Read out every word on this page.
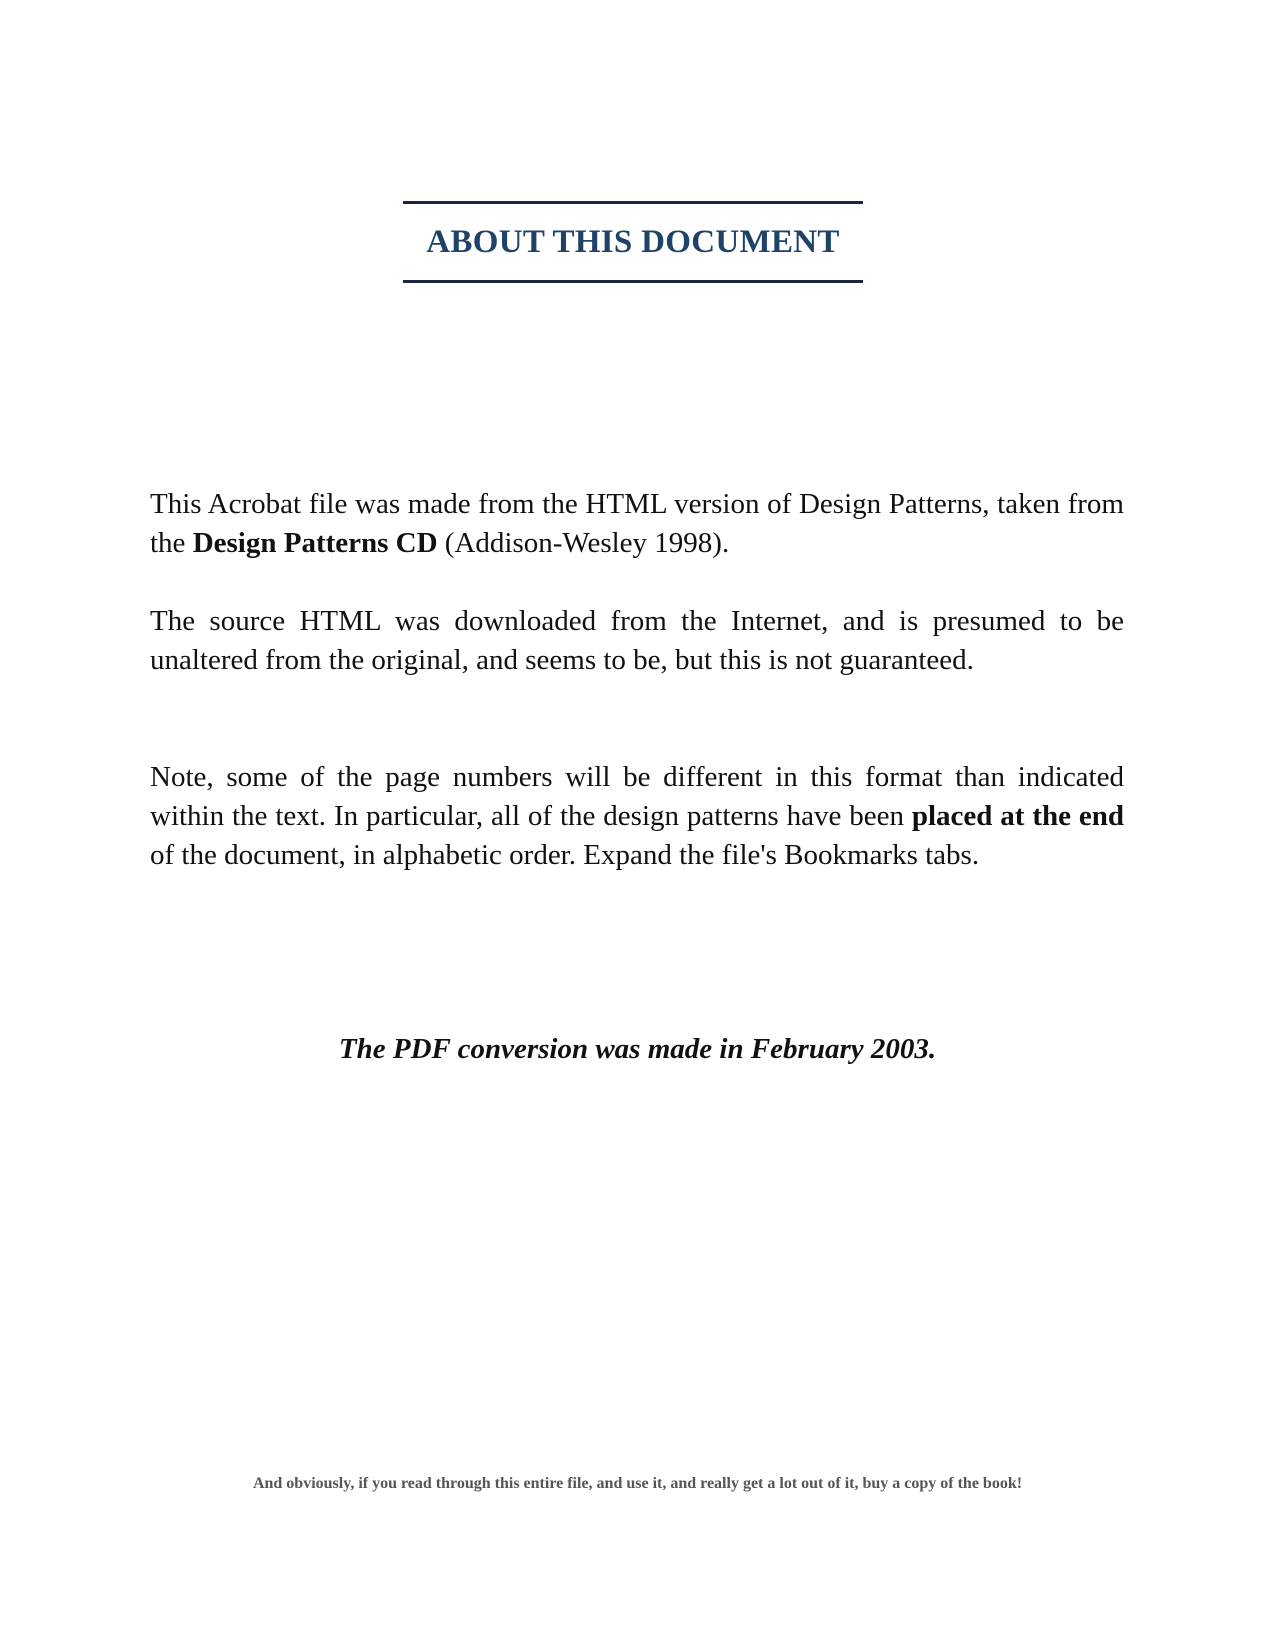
ABOUT THIS DOCUMENT

This Acrobat file was made from the HTML version of Design Patterns, taken from the Design Patterns CD (Addison-Wesley 1998).

The source HTML was downloaded from the Internet, and is presumed to be unaltered from the original, and seems to be, but this is not guaranteed.

Note, some of the page numbers will be different in this format than indicated within the text. In particular, all of the design patterns have been placed at the end of the document, in alphabetic order. Expand the file's Bookmarks tabs.

The PDF conversion was made in February 2003.
And obviously, if you read through this entire file, and use it, and really get a lot out of it, buy a copy of the book!
